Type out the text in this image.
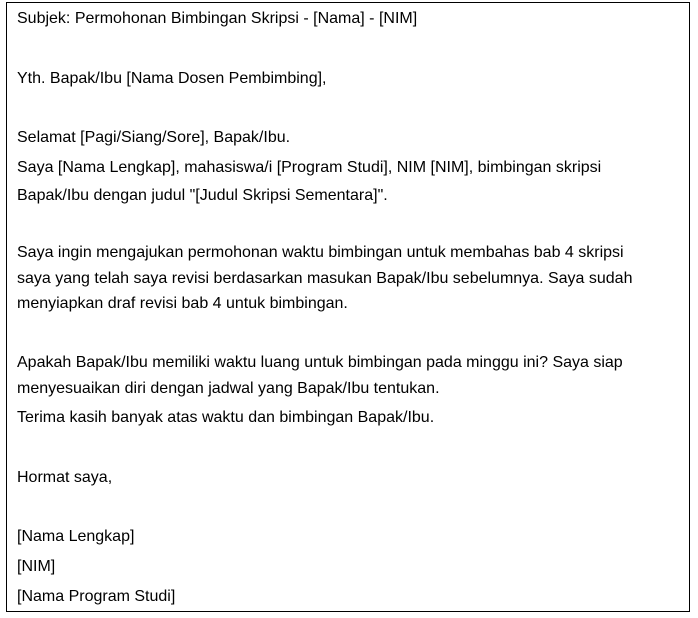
Subjek: Permohonan Bimbingan Skripsi - [Nama] - [NIM]
Yth. Bapak/Ibu [Nama Dosen Pembimbing],
Selamat [Pagi/Siang/Sore], Bapak/Ibu.
Saya [Nama Lengkap], mahasiswa/i [Program Studi], NIM [NIM], bimbingan skripsi
Bapak/Ibu dengan judul "[Judul Skripsi Sementara]".
Saya ingin mengajukan permohonan waktu bimbingan untuk membahas bab 4 skripsi
saya yang telah saya revisi berdasarkan masukan Bapak/Ibu sebelumnya. Saya sudah
menyiapkan draf revisi bab 4 untuk bimbingan.
Apakah Bapak/Ibu memiliki waktu luang untuk bimbingan pada minggu ini? Saya siap
menyesuaikan diri dengan jadwal yang Bapak/Ibu tentukan.
Terima kasih banyak atas waktu dan bimbingan Bapak/Ibu.
Hormat saya,
[Nama Lengkap]
[NIM]
[Nama Program Studi]
